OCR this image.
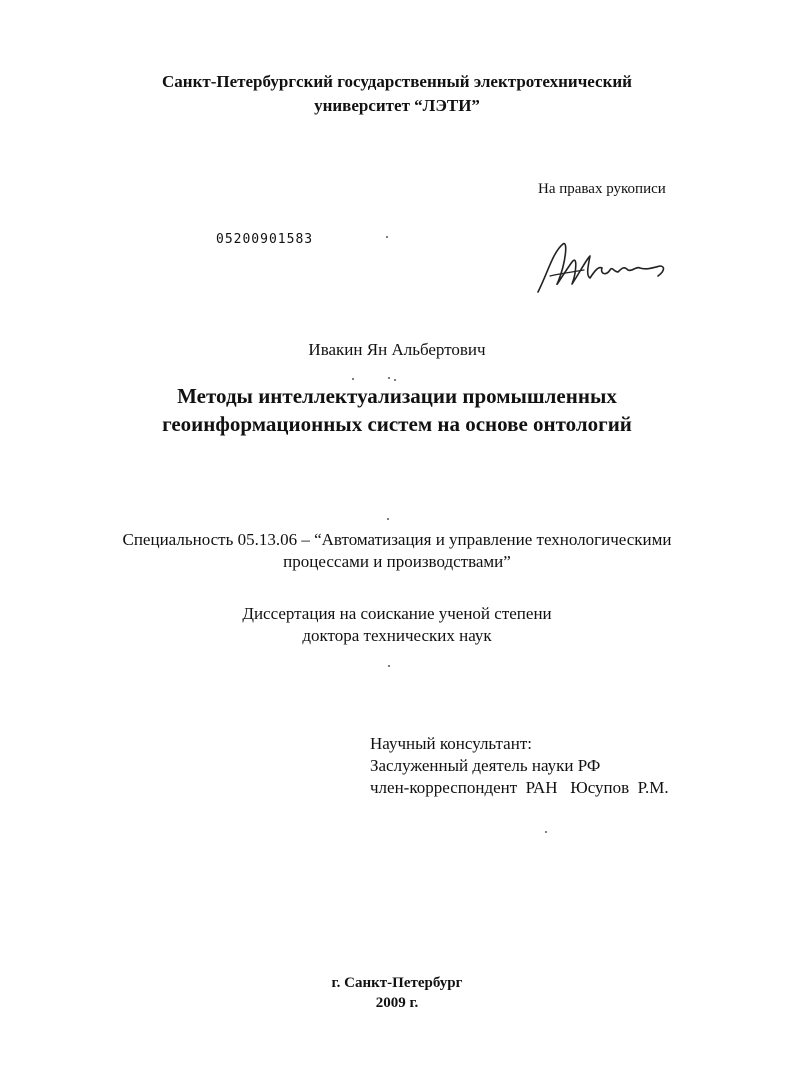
Санкт-Петербургский государственный электротехнический
университет “ЛЭТИ”
На правах рукописи
05200901583
Ивакин Ян Альбертович
Методы интеллектуализации промышленных
геоинформационных систем на основе онтологий
Специальность 05.13.06 – “Автоматизация и управление технологическими
процессами и производствами”
Диссертация на соискание ученой степени
доктора технических наук
Научный консультант:
Заслуженный деятель науки РФ
член-корреспондент  РАН   Юсупов  Р.М.
г. Санкт-Петербург
2009 г.
